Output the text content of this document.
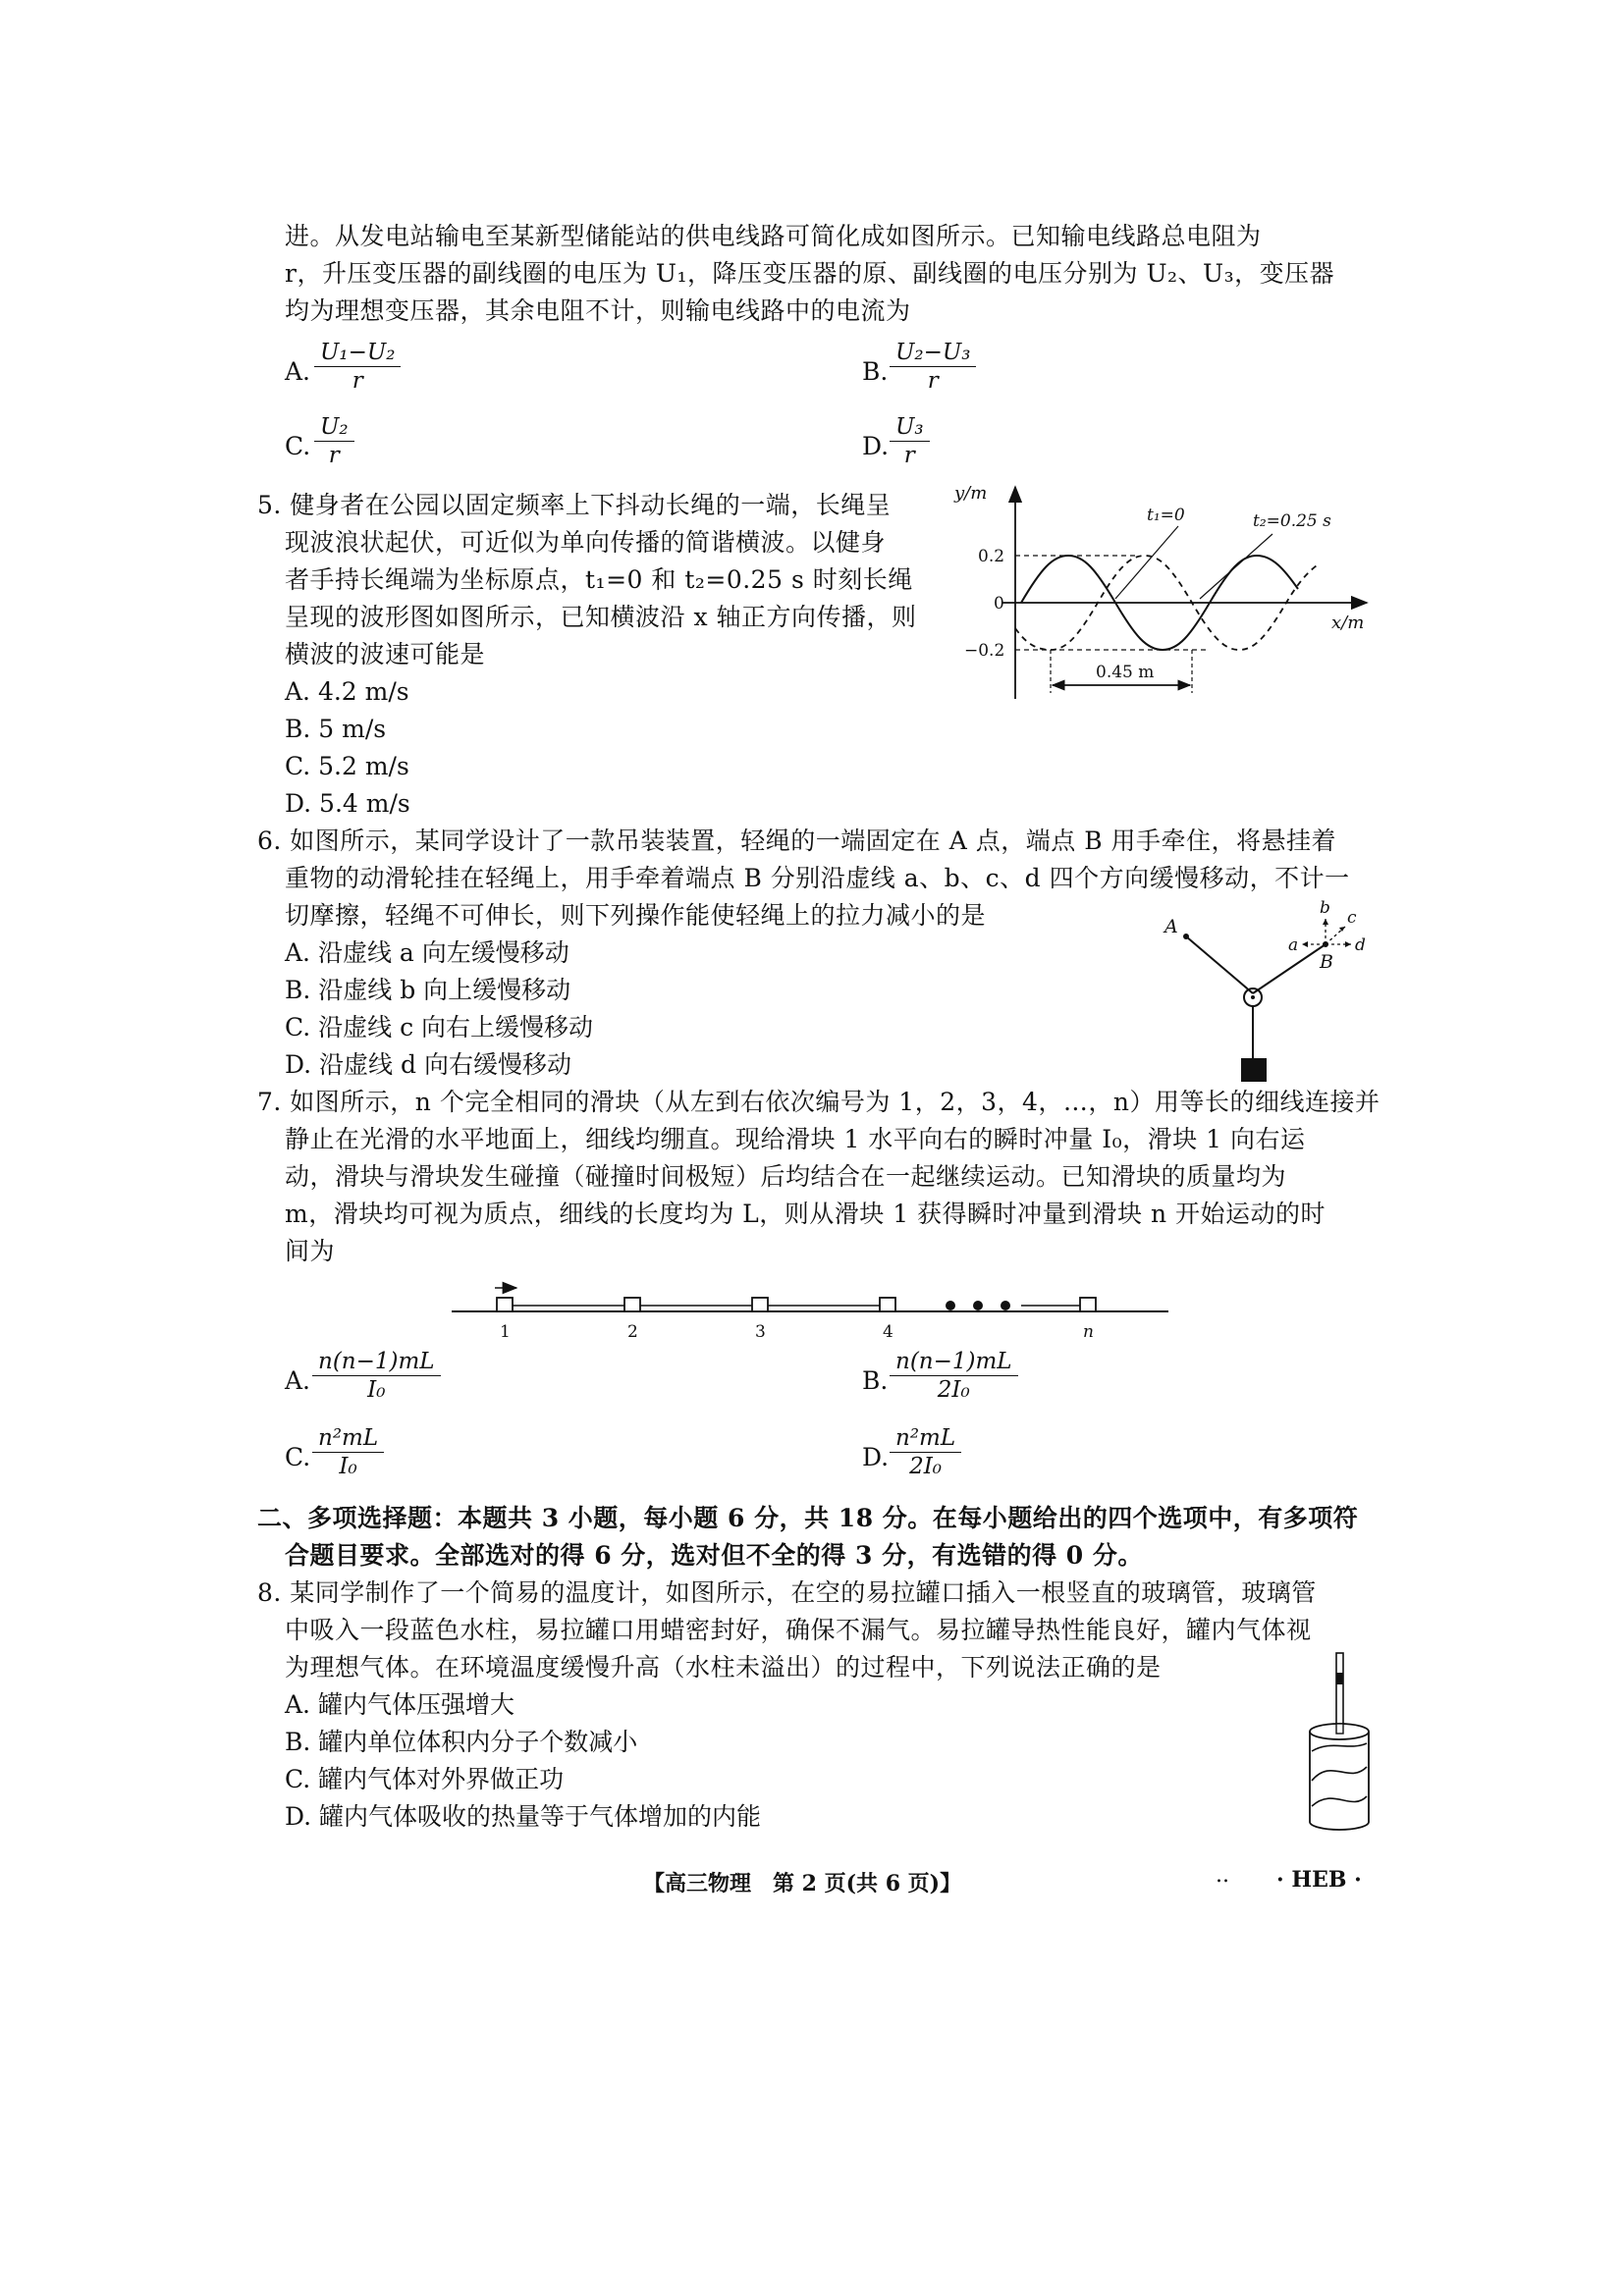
进。从发电站输电至某新型储能站的供电线路可简化成如图所示。已知输电线路总电阻为
r，升压变压器的副线圈的电压为 U₁，降压变压器的原、副线圈的电压分别为 U₂、U₃，变压器
均为理想变压器，其余电阻不计，则输电线路中的电流为
A. $\frac{\text{U₁−U₂}}{r}$	B. $\frac{\text{U₂−U₃}}{r}$
C. $\frac{\text{U₂}}{r}$	D. $\frac{\text{U₃}}{r}$
5. 健身者在公园以固定频率上下抖动长绳的一端，长绳呈
现波浪状起伏，可近似为单向传播的简谐横波。以健身
者手持长绳端为坐标原点，t₁=0 和 t₂=0.25 s 时刻长绳
呈现的波形图如图所示，已知横波沿 x 轴正方向传播，则
横波的波速可能是
A. 4.2 m/s
B. 5 m/s
C. 5.2 m/s
D. 5.4 m/s
y/m
x/m
0.2
0
−0.2
t₁=0	t₂=0.25 s
0.45 m
6. 如图所示，某同学设计了一款吊装装置，轻绳的一端固定在 A 点，端点 B 用手牵住，将悬挂着
重物的动滑轮挂在轻绳上，用手牵着端点 B 分别沿虚线 a、b、c、d 四个方向缓慢移动，不计一
切摩擦，轻绳不可伸长，则下列操作能使轻绳上的拉力减小的是
A. 沿虚线 a 向左缓慢移动
B. 沿虚线 b 向上缓慢移动
C. 沿虚线 c 向右上缓慢移动
D. 沿虚线 d 向右缓慢移动
A
a
b c
d
B
7. 如图所示，n 个完全相同的滑块（从左到右依次编号为 1，2，3，4，…，n）用等长的细线连接并
静止在光滑的水平地面上，细线均绷直。现给滑块 1 水平向右的瞬时冲量 I₀，滑块 1 向右运
动，滑块与滑块发生碰撞（碰撞时间极短）后均结合在一起继续运动。已知滑块的质量均为
m，滑块均可视为质点，细线的长度均为 L，则从滑块 1 获得瞬时冲量到滑块 n 开始运动的时
间为
1	2	3	4	n
A. $\frac{n(n-1)mL}{\text{I₀}}$	B. $\frac{n(n-1)mL}{\text{2I₀}}$
C. $\frac{\text{n²mL}}{\text{I₀}}$	D. $\frac{\text{n²mL}}{\text{2I₀}}$
二、多项选择题：本题共 3 小题，每小题 6 分，共 18 分。在每小题给出的四个选项中，有多项符
合题目要求。全部选对的得 6 分，选对但不全的得 3 分，有选错的得 0 分。
8. 某同学制作了一个简易的温度计，如图所示，在空的易拉罐口插入一根竖直的玻璃管，玻璃管
中吸入一段蓝色水柱，易拉罐口用蜡密封好，确保不漏气。易拉罐导热性能良好，罐内气体视
为理想气体。在环境温度缓慢升高（水柱未溢出）的过程中，下列说法正确的是
A. 罐内气体压强增大
B. 罐内单位体积内分子个数减小
C. 罐内气体对外界做正功
D. 罐内气体吸收的热量等于气体增加的内能
【高三物理　第 2 页(共 6 页)】	.. · HEB ·
